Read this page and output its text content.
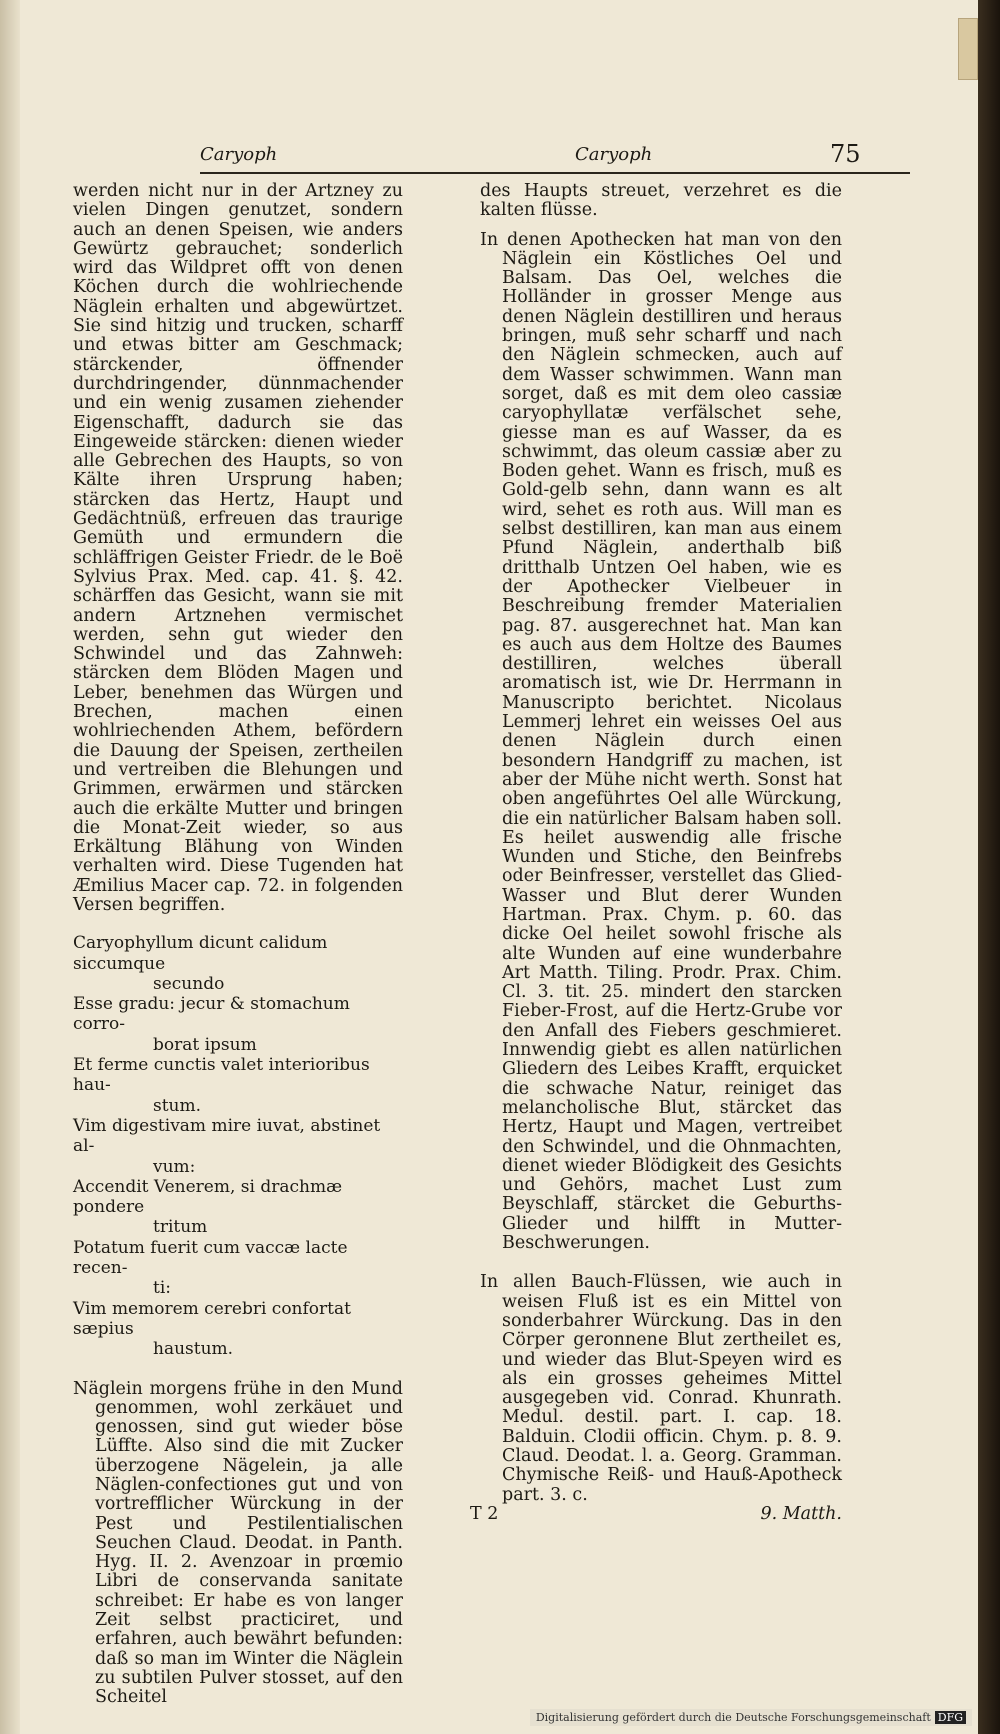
Caryoph	Caryoph	75

werden nicht nur in der Artzney zu vielen Dingen genutzet, sondern auch an denen Speisen, wie anders Gewürtz gebrauchet; sonderlich wird das Wildpret offt von denen Köchen durch die wohlriechende Näglein erhalten und abgewürtzet. Sie sind hitzig und trucken, scharff und etwas bitter am Geschmack; stärckender, öffnender durchdringender, dünnmachender und ein wenig zusamen ziehender Eigenschafft, dadurch sie das Eingeweide stärcken: dienen wieder alle Gebrechen des Haupts, so von Kälte ihren Ursprung haben; stärcken das Hertz, Haupt und Gedächtnüß, erfreuen das traurige Gemüth und ermundern die schläffrigen Geister Friedr. de le Boë Sylvius Prax. Med. cap. 41. §. 42. schärffen das Gesicht, wann sie mit andern Artznehen vermischet werden, sehn gut wieder den Schwindel und das Zahnweh: stärcken dem Blöden Magen und Leber, benehmen das Würgen und Brechen, machen einen wohlriechenden Athem, befördern die Dauung der Speisen, zertheilen und vertreiben die Blehungen und Grimmen, erwärmen und stärcken auch die erkälte Mutter und bringen die Monat-Zeit wieder, so aus Erkältung Blähung von Winden verhalten wird. Diese Tugenden hat Æmilius Macer cap. 72. in folgenden Versen begriffen.

Caryophyllum dicunt calidum siccumque
secundo
Esse gradu: jecur & stomachum corro-
borat ipsum
Et ferme cunctis valet interioribus hau-
stum.
Vim digestivam mire iuvat, abstinet al-
vum:
Accendit Venerem, si drachmæ pondere
tritum
Potatum fuerit cum vaccæ lacte recen-
ti:
Vim memorem cerebri confortat sæpius
haustum.

Näglein morgens frühe in den Mund genommen, wohl zerkäuet und genossen, sind gut wieder böse Lüffte. Also sind die mit Zucker überzogene Nägelein, ja alle Näglen-confectiones gut und von vortrefflicher Würckung in der Pest und Pestilentialischen Seuchen Claud. Deodat. in Panth. Hyg. II. 2. Avenzoar in prœmio Libri de conservanda sanitate schreibet: Er habe es von langer Zeit selbst practiciret, und erfahren, auch bewährt befunden: daß so man im Winter die Näglein zu subtilen Pulver stosset, auf den Scheitel

des Haupts streuet, verzehret es die kalten flüsse.

In denen Apothecken hat man von den Näglein ein Köstliches Oel und Balsam. Das Oel, welches die Holländer in grosser Menge aus denen Näglein destilliren und heraus bringen, muß sehr scharff und nach den Näglein schmecken, auch auf dem Wasser schwimmen. Wann man sorget, daß es mit dem oleo cassiæ caryophyllatæ verfälschet sehe, giesse man es auf Wasser, da es schwimmt, das oleum cassiæ aber zu Boden gehet. Wann es frisch, muß es Gold-gelb sehn, dann wann es alt wird, sehet es roth aus. Will man es selbst destilliren, kan man aus einem Pfund Näglein, anderthalb biß dritthalb Untzen Oel haben, wie es der Apothecker Vielbeuer in Beschreibung fremder Materialien pag. 87. ausgerechnet hat. Man kan es auch aus dem Holtze des Baumes destilliren, welches überall aromatisch ist, wie Dr. Herrmann in Manuscripto berichtet. Nicolaus Lemmerj lehret ein weisses Oel aus denen Näglein durch einen besondern Handgriff zu machen, ist aber der Mühe nicht werth. Sonst hat oben angeführtes Oel alle Würckung, die ein natürlicher Balsam haben soll. Es heilet auswendig alle frische Wunden und Stiche, den Beinfrebs oder Beinfresser, verstellet das Glied-Wasser und Blut derer Wunden Hartman. Prax. Chym. p. 60. das dicke Oel heilet sowohl frische als alte Wunden auf eine wunderbahre Art Matth. Tiling. Prodr. Prax. Chim. Cl. 3. tit. 25. mindert den starcken Fieber-Frost, auf die Hertz-Grube vor den Anfall des Fiebers geschmieret. Innwendig giebt es allen natürlichen Gliedern des Leibes Krafft, erquicket die schwache Natur, reiniget das melancholische Blut, stärcket das Hertz, Haupt und Magen, vertreibet den Schwindel, und die Ohnmachten, dienet wieder Blödigkeit des Gesichts und Gehörs, machet Lust zum Beyschlaff, stärcket die Geburths-Glieder und hilfft in Mutter-Beschwerungen.

In allen Bauch-Flüssen, wie auch in weisen Fluß ist es ein Mittel von sonderbahrer Würckung. Das in den Cörper geronnene Blut zertheilet es, und wieder das Blut-Speyen wird es als ein grosses geheimes Mittel ausgegeben vid. Conrad. Khunrath. Medul. destil. part. I. cap. 18. Balduin. Clodii officin. Chym. p. 8. 9. Claud. Deodat. l. a. Georg. Gramman. Chymische Reiß- und Hauß-Apotheck part. 3. c.

T 2	9. Matth.
Digitalisierung gefördert durch die Deutsche Forschungsgemeinschaft DFG
